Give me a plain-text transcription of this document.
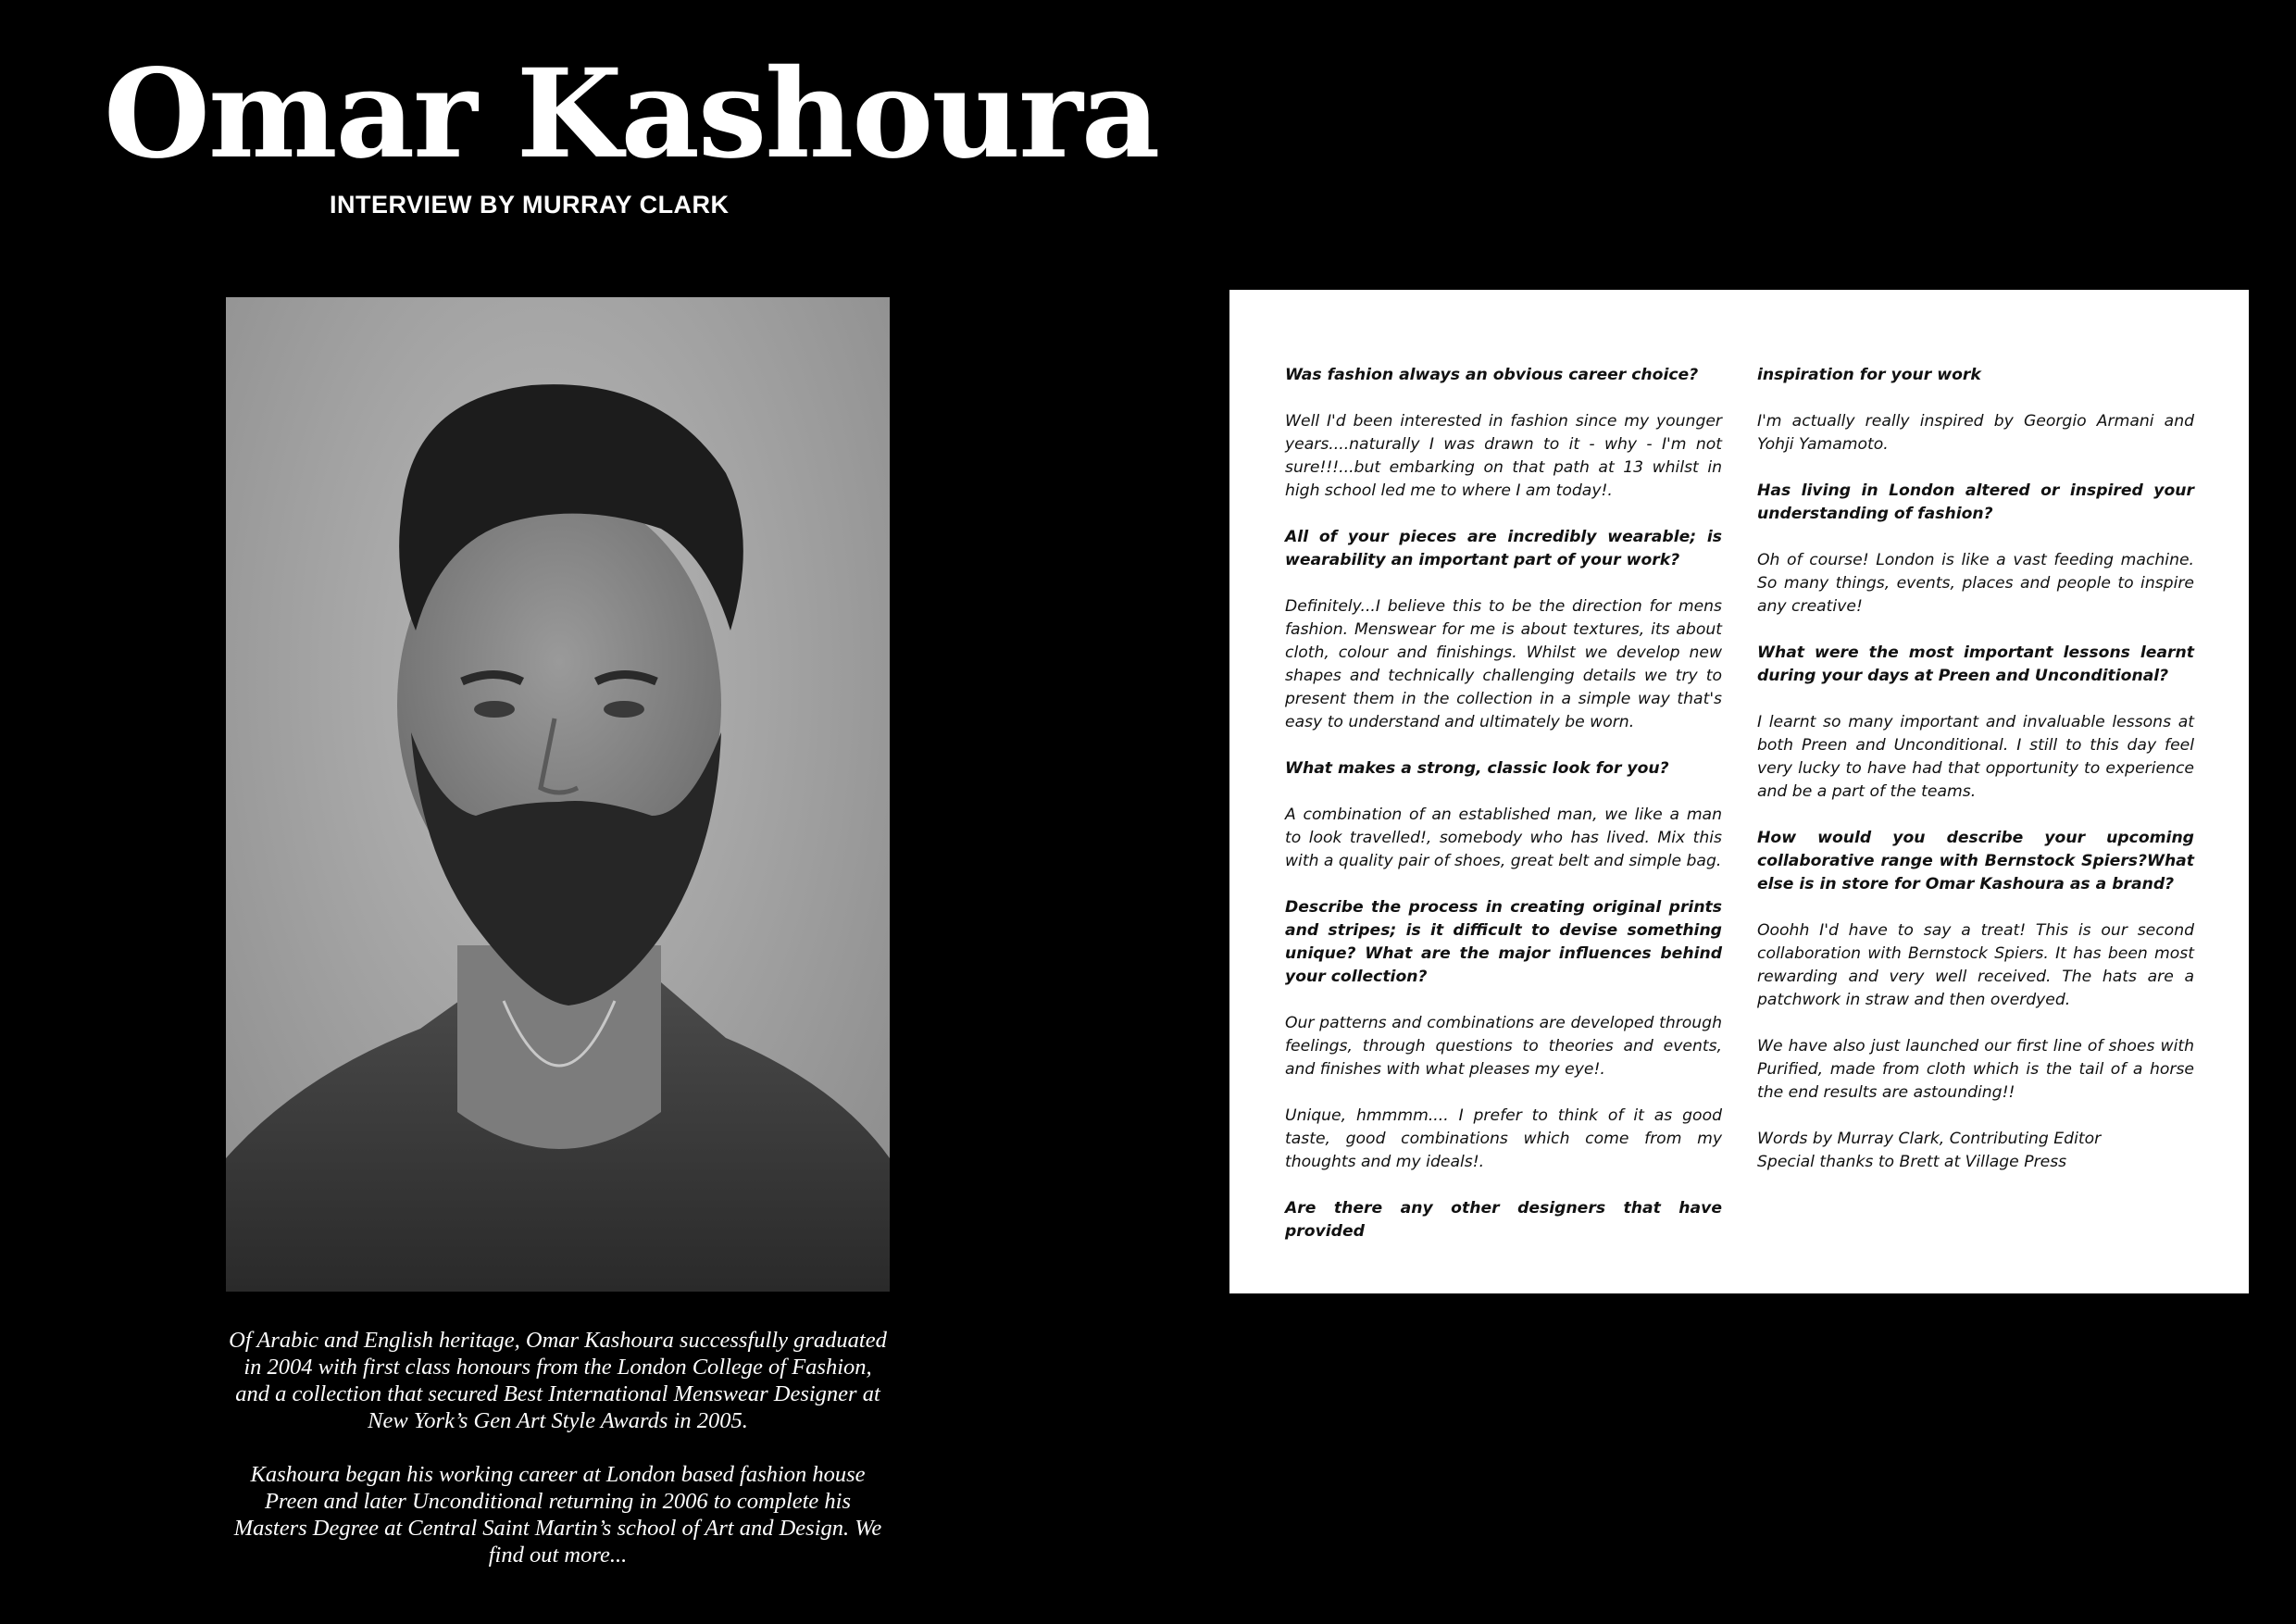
Omar Kashoura
INTERVIEW BY MURRAY CLARK

Of Arabic and English heritage, Omar Kashoura successfully graduated in 2004 with first class honours from the London College of Fashion, and a collection that secured Best International Menswear Designer at New York’s Gen Art Style Awards in 2005.

Kashoura began his working career at London based fashion house Preen and later Unconditional returning in 2006 to complete his Masters Degree at Central Saint Martin’s school of Art and Design. We find out more...

Was fashion always an obvious career choice?

Well I'd been interested in fashion since my younger years....naturally I was drawn to it - why - I'm not sure!!!...but embarking on that path at 13 whilst in high school led me to where I am today!.

All of your pieces are incredibly wearable; is wearability an important part of your work?

Definitely...I believe this to be the direction for mens fashion. Menswear for me is about textures, its about cloth, colour and finishings. Whilst we develop new shapes and technically challenging details we try to present them in the collection in a simple way that's easy to understand and ultimately be worn.

What makes a strong, classic look for you?

A combination of an established man, we like a man to look travelled!, somebody who has lived. Mix this with a quality pair of shoes, great belt and simple bag.

Describe the process in creating original prints and stripes; is it difficult to devise something unique? What are the major influences behind your collection?

Our patterns and combinations are developed through feelings, through questions to theories and events, and finishes with what pleases my eye!.

Unique, hmmmm.... I prefer to think of it as good taste, good combinations which come from my thoughts and my ideals!.

Are there any other designers that have provided

inspiration for your work

I'm actually really inspired by Georgio Armani and Yohji Yamamoto.

Has living in London altered or inspired your understanding of fashion?

Oh of course! London is like a vast feeding machine. So many things, events, places and people to inspire any creative!

What were the most important lessons learnt during your days at Preen and Unconditional?

I learnt so many important and invaluable lessons at both Preen and Unconditional. I still to this day feel very lucky to have had that opportunity to experience and be a part of the teams.

How would you describe your upcoming collaborative range with Bernstock Spiers?What else is in store for Omar Kashoura as a brand?

Ooohh I'd have to say a treat! This is our second collaboration with Bernstock Spiers. It has been most rewarding and very well received. The hats are a patchwork in straw and then overdyed.

We have also just launched our first line of shoes with Purified, made from cloth which is the tail of a horse the end results are astounding!!

Words by Murray Clark, Contributing Editor

Special thanks to Brett at Village Press
